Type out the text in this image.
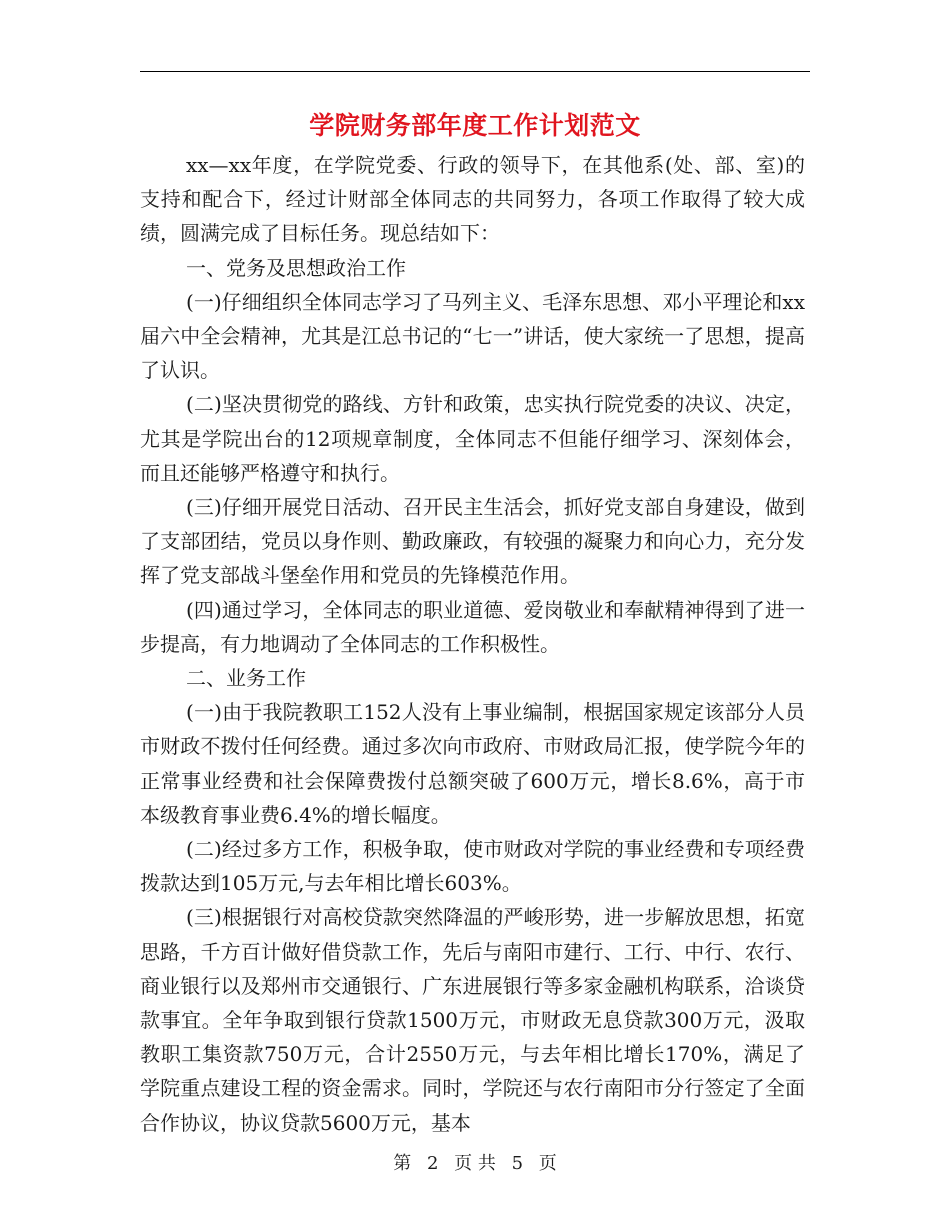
学院财务部年度工作计划范文

xx—xx年度，在学院党委、行政的领导下，在其他系(处、部、室)的支持和配合下，经过计财部全体同志的共同努力，各项工作取得了较大成绩，圆满完成了目标任务。现总结如下：

一、党务及思想政治工作

(一)仔细组织全体同志学习了马列主义、毛泽东思想、邓小平理论和xx届六中全会精神，尤其是江总书记的“七一”讲话，使大家统一了思想，提高了认识。

(二)坚决贯彻党的路线、方针和政策，忠实执行院党委的决议、决定，尤其是学院出台的12项规章制度，全体同志不但能仔细学习、深刻体会，而且还能够严格遵守和执行。

(三)仔细开展党日活动、召开民主生活会，抓好党支部自身建设，做到了支部团结，党员以身作则、勤政廉政，有较强的凝聚力和向心力，充分发挥了党支部战斗堡垒作用和党员的先锋模范作用。

(四)通过学习，全体同志的职业道德、爱岗敬业和奉献精神得到了进一步提高，有力地调动了全体同志的工作积极性。

二、业务工作

(一)由于我院教职工152人没有上事业编制，根据国家规定该部分人员市财政不拨付任何经费。通过多次向市政府、市财政局汇报，使学院今年的正常事业经费和社会保障费拨付总额突破了600万元，增长8.6%，高于市本级教育事业费6.4%的增长幅度。

(二)经过多方工作，积极争取，使市财政对学院的事业经费和专项经费拨款达到105万元,与去年相比增长603%。

(三)根据银行对高校贷款突然降温的严峻形势，进一步解放思想，拓宽思路，千方百计做好借贷款工作，先后与南阳市建行、工行、中行、农行、商业银行以及郑州市交通银行、广东进展银行等多家金融机构联系，洽谈贷款事宜。全年争取到银行贷款1500万元，市财政无息贷款300万元，汲取教职工集资款750万元，合计2550万元，与去年相比增长170%，满足了学院重点建设工程的资金需求。同时，学院还与农行南阳市分行签定了全面合作协议，协议贷款5600万元，基本

第 2 页 共 5 页
